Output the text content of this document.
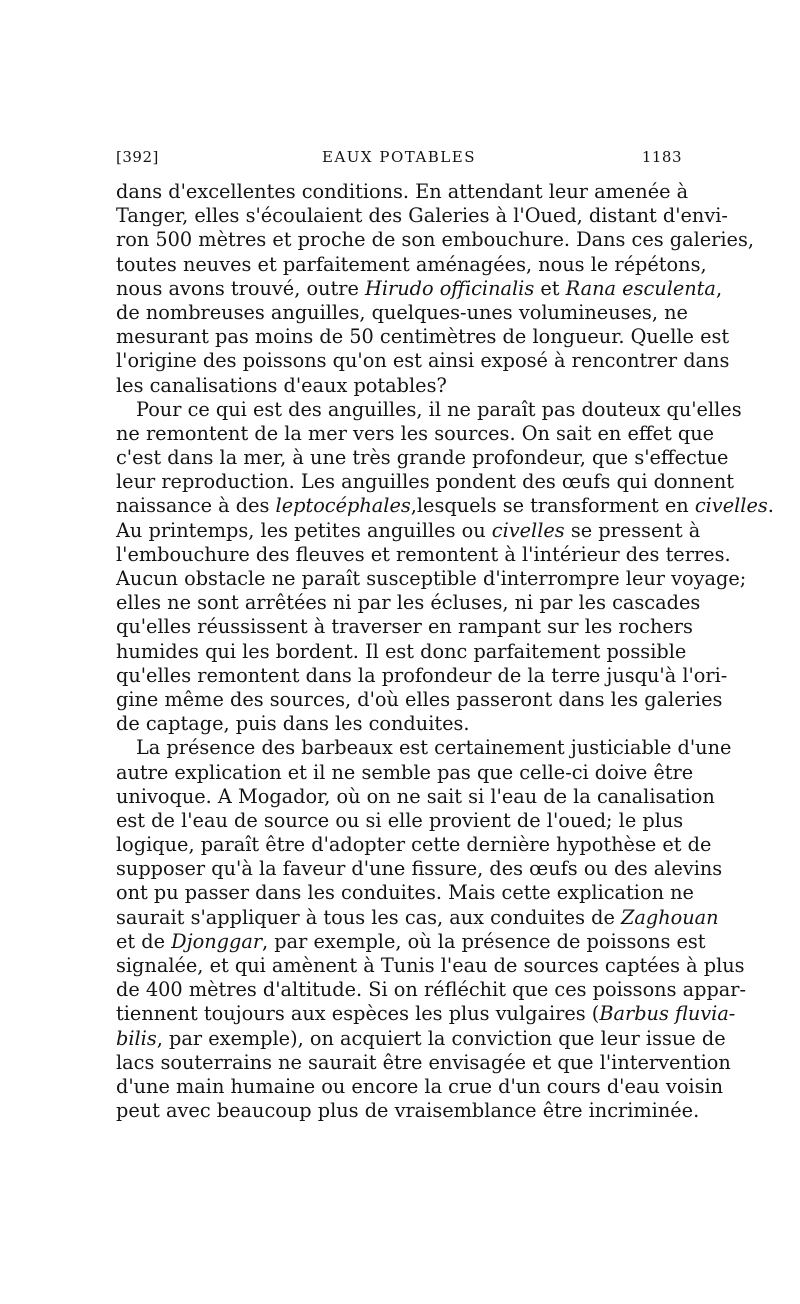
[392]	EAUX POTABLES	1183
dans d'excellentes conditions. En attendant leur amenée à
Tanger, elles s'écoulaient des Galeries à l'Oued, distant d'envi-
ron 500 mètres et proche de son embouchure. Dans ces galeries,
toutes neuves et parfaitement aménagées, nous le répétons,
nous avons trouvé, outre Hirudo officinalis et Rana esculenta,
de nombreuses anguilles, quelques-unes volumineuses, ne
mesurant pas moins de 50 centimètres de longueur. Quelle est
l'origine des poissons qu'on est ainsi exposé à rencontrer dans
les canalisations d'eaux potables?
Pour ce qui est des anguilles, il ne paraît pas douteux qu'elles
ne remontent de la mer vers les sources. On sait en effet que
c'est dans la mer, à une très grande profondeur, que s'effectue
leur reproduction. Les anguilles pondent des œufs qui donnent
naissance à des leptocéphales,lesquels se transforment en civelles.
Au printemps, les petites anguilles ou civelles se pressent à
l'embouchure des fleuves et remontent à l'intérieur des terres.
Aucun obstacle ne paraît susceptible d'interrompre leur voyage;
elles ne sont arrêtées ni par les écluses, ni par les cascades
qu'elles réussissent à traverser en rampant sur les rochers
humides qui les bordent. Il est donc parfaitement possible
qu'elles remontent dans la profondeur de la terre jusqu'à l'ori-
gine même des sources, d'où elles passeront dans les galeries
de captage, puis dans les conduites.
La présence des barbeaux est certainement justiciable d'une
autre explication et il ne semble pas que celle-ci doive être
univoque. A Mogador, où on ne sait si l'eau de la canalisation
est de l'eau de source ou si elle provient de l'oued; le plus
logique, paraît être d'adopter cette dernière hypothèse et de
supposer qu'à la faveur d'une fissure, des œufs ou des alevins
ont pu passer dans les conduites. Mais cette explication ne
saurait s'appliquer à tous les cas, aux conduites de Zaghouan
et de Djonggar, par exemple, où la présence de poissons est
signalée, et qui amènent à Tunis l'eau de sources captées à plus
de 400 mètres d'altitude. Si on réfléchit que ces poissons appar-
tiennent toujours aux espèces les plus vulgaires (Barbus fluvia-
bilis, par exemple), on acquiert la conviction que leur issue de
lacs souterrains ne saurait être envisagée et que l'intervention
d'une main humaine ou encore la crue d'un cours d'eau voisin
peut avec beaucoup plus de vraisemblance être incriminée.
